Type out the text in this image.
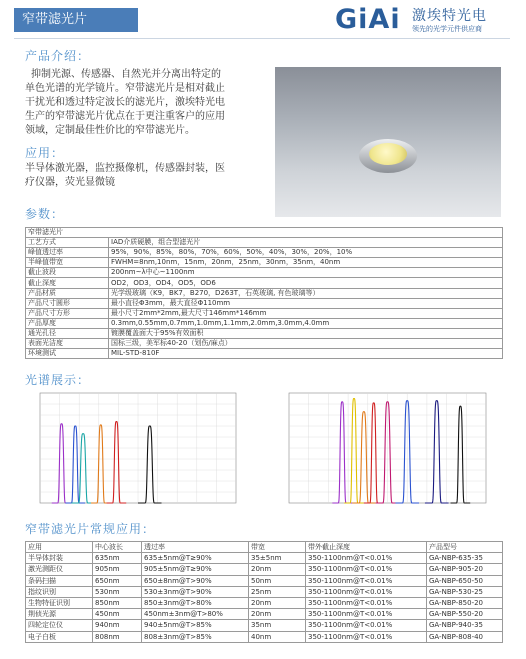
窄带滤光片	GiAi 激埃特光电
领先的光学元件供应商
产品介绍：
抑制光源、传感器、自然光并分离出特定的
单色光谱的光学镜片。窄带滤光片是相对截止
干扰光和透过特定波长的滤光片，激埃特光电
生产的窄带滤光片优点在于更注重客户的应用
领域，定制最佳性价比的窄带滤光片。
应用：
半导体激光器，监控摄像机，传感器封装，医
疗仪器，荧光显微镜
参数：
窄带滤光片	
工艺方式	IAD介质硬膜，组合型滤光片
峰值透过率	95%，90%，85%，80%，70%，60%，50%，40%，30%，20%，10%
半峰值带宽	FWHM=8nm,10nm，15nm，20nm，25nm，30nm，35nm，40nm
截止波段	200nm~λ中心~1100nm
截止深度	OD2，OD3，OD4，OD5，OD6
产品材质	光学级玻璃（K9，BK7，B270，D263T，石英玻璃, 有色玻璃等）
产品尺寸圆形	最小直径Φ3mm，最大直径Φ110mm
产品尺寸方形	最小尺寸2mm*2mm,最大尺寸146mm*146mm
产品厚度	0.3mm,0.55mm,0.7mm,1.0mm,1.1mm,2.0mm,3.0mm,4.0mm
通光孔径	镀膜覆盖面大于95%有效面积
表面光洁度	国标三级，美军标40-20（划伤/麻点）
环境测试	MIL-STD-810F
光谱展示：
窄带滤光片常规应用：
应用	中心波长	透过率	带宽	带外截止深度	产品型号
半导体封装	635nm	635±5nm@T≥90%	35±5nm	350-1100nm@T<0.01%	GA-NBP-635-35
激光测距仪	905nm	905±5nm@T≥90%	20nm	350-1100nm@T<0.01%	GA-NBP-905-20
条码扫描	650nm	650±8nm@T>90%	50nm	350-1100nm@T<0.01%	GA-NBP-650-50
指纹识别	530nm	530±3nm@T>90%	25nm	350-1100nm@T<0.01%	GA-NBP-530-25
生物特征识别	850nm	850±3nm@T>80%	20nm	350-1100nm@T<0.01%	GA-NBP-850-20
荆侦光源	450nm	450nm±3nm@T>80%	20nm	350-1100nm@T<0.01%	GA-NBP-550-20
四轮定位仪	940nm	940±5nm@T>85%	35nm	350-1100nm@T<0.01%	GA-NBP-940-35
电子白板	808nm	808±3nm@T>85%	40nm	350-1100nm@T<0.01%	GA-NBP-808-40
